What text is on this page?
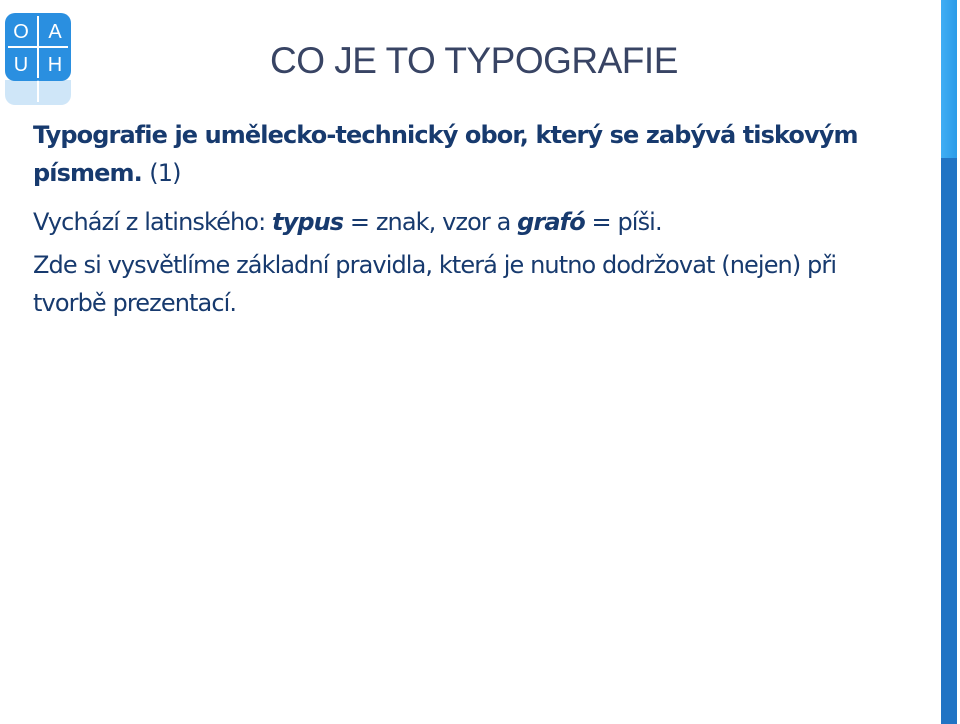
O A
U H	CO JE TO TYPOGRAFIE

Typografie je umělecko-technický obor, který se zabývá tiskovým písmem. (1)

Vychází z latinského: typus = znak, vzor a grafó = píši.

Zde si vysvětlíme základní pravidla, která je nutno dodržovat (nejen) při tvorbě prezentací.
